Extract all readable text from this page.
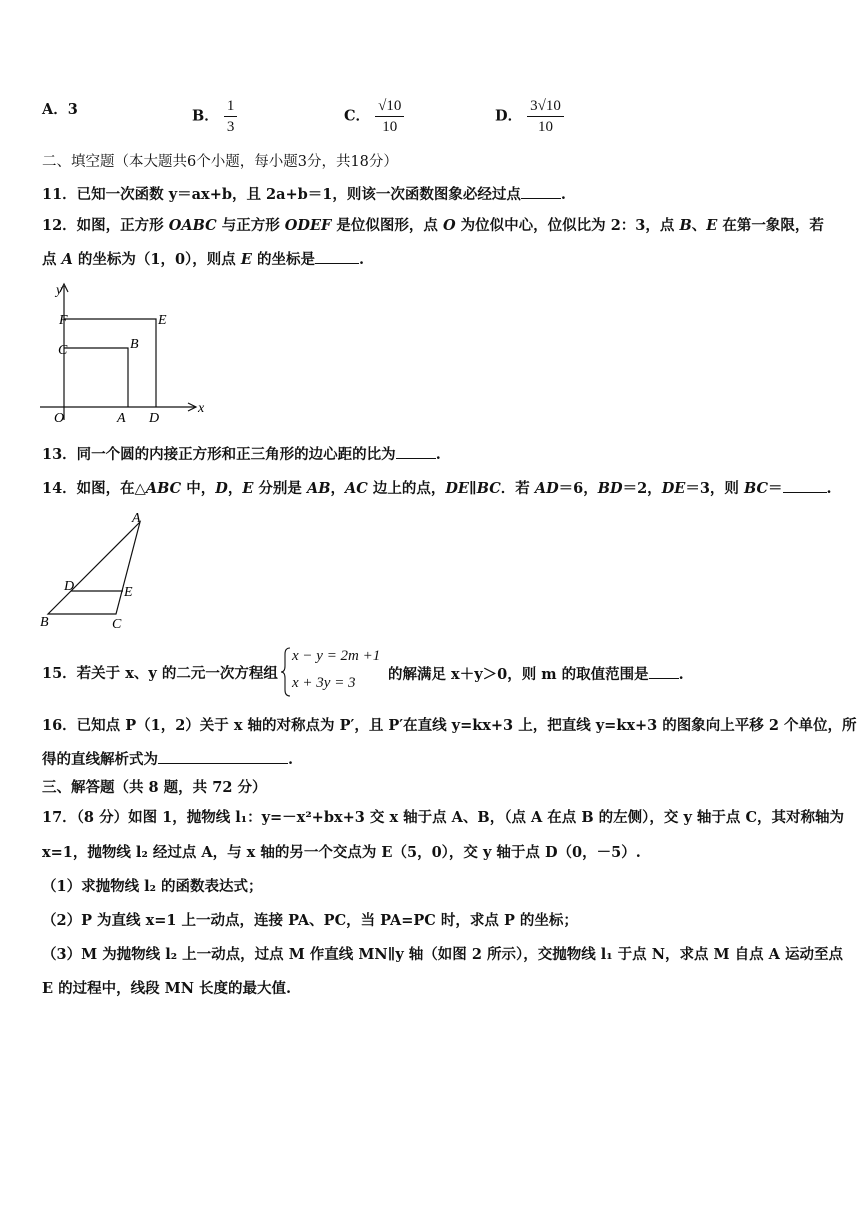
A．3	B． $\frac{1}{3}$	C． $\frac{√10}{10}$	D． $\frac{3√10}{10}$
二、填空题（本大题共6个小题，每小题3分，共18分）
11．已知一次函数 y＝ax+b，且 2a+b＝1，则该一次函数图象必经过点	.
12．如图，正方形 OABC 与正方形 ODEF 是位似图形，点 O 为位似中心，位似比为 2：3，点 B、E 在第一象限，若
点 A 的坐标为（1，0），则点 E 的坐标是	.
y
x
F	E
C	B
O	A D
13．同一个圆的内接正方形和正三角形的边心距的比为	.
14．如图，在△ABC 中，D，E 分别是 AB，AC 边上的点，DE∥BC．若 AD＝6，BD＝2，DE＝3，则 BC＝	.
A
D	E
B	C
15．若关于 x、y 的二元一次方程组
x − y = 2m +1
x + 3y = 3 的解满足 x＋y＞0，则 m 的取值范围是 .
16．已知点 P（1，2）关于 x 轴的对称点为 P′，且 P′在直线 y=kx+3 上，把直线 y=kx+3 的图象向上平移 2 个单位，所
得的直线解析式为	.
三、解答题（共 8 题，共 72 分）
17．（8 分）如图 1，抛物线 l₁：y=－x²+bx+3 交 x 轴于点 A、B，（点 A 在点 B 的左侧），交 y 轴于点 C，其对称轴为
x=1，抛物线 l₂ 经过点 A，与 x 轴的另一个交点为 E（5，0），交 y 轴于点 D（0，－5）.
（1）求抛物线 l₂ 的函数表达式；
（2）P 为直线 x=1 上一动点，连接 PA、PC，当 PA=PC 时，求点 P 的坐标；
（3）M 为抛物线 l₂ 上一动点，过点 M 作直线 MN∥y 轴（如图 2 所示），交抛物线 l₁ 于点 N，求点 M 自点 A 运动至点
E 的过程中，线段 MN 长度的最大值.
